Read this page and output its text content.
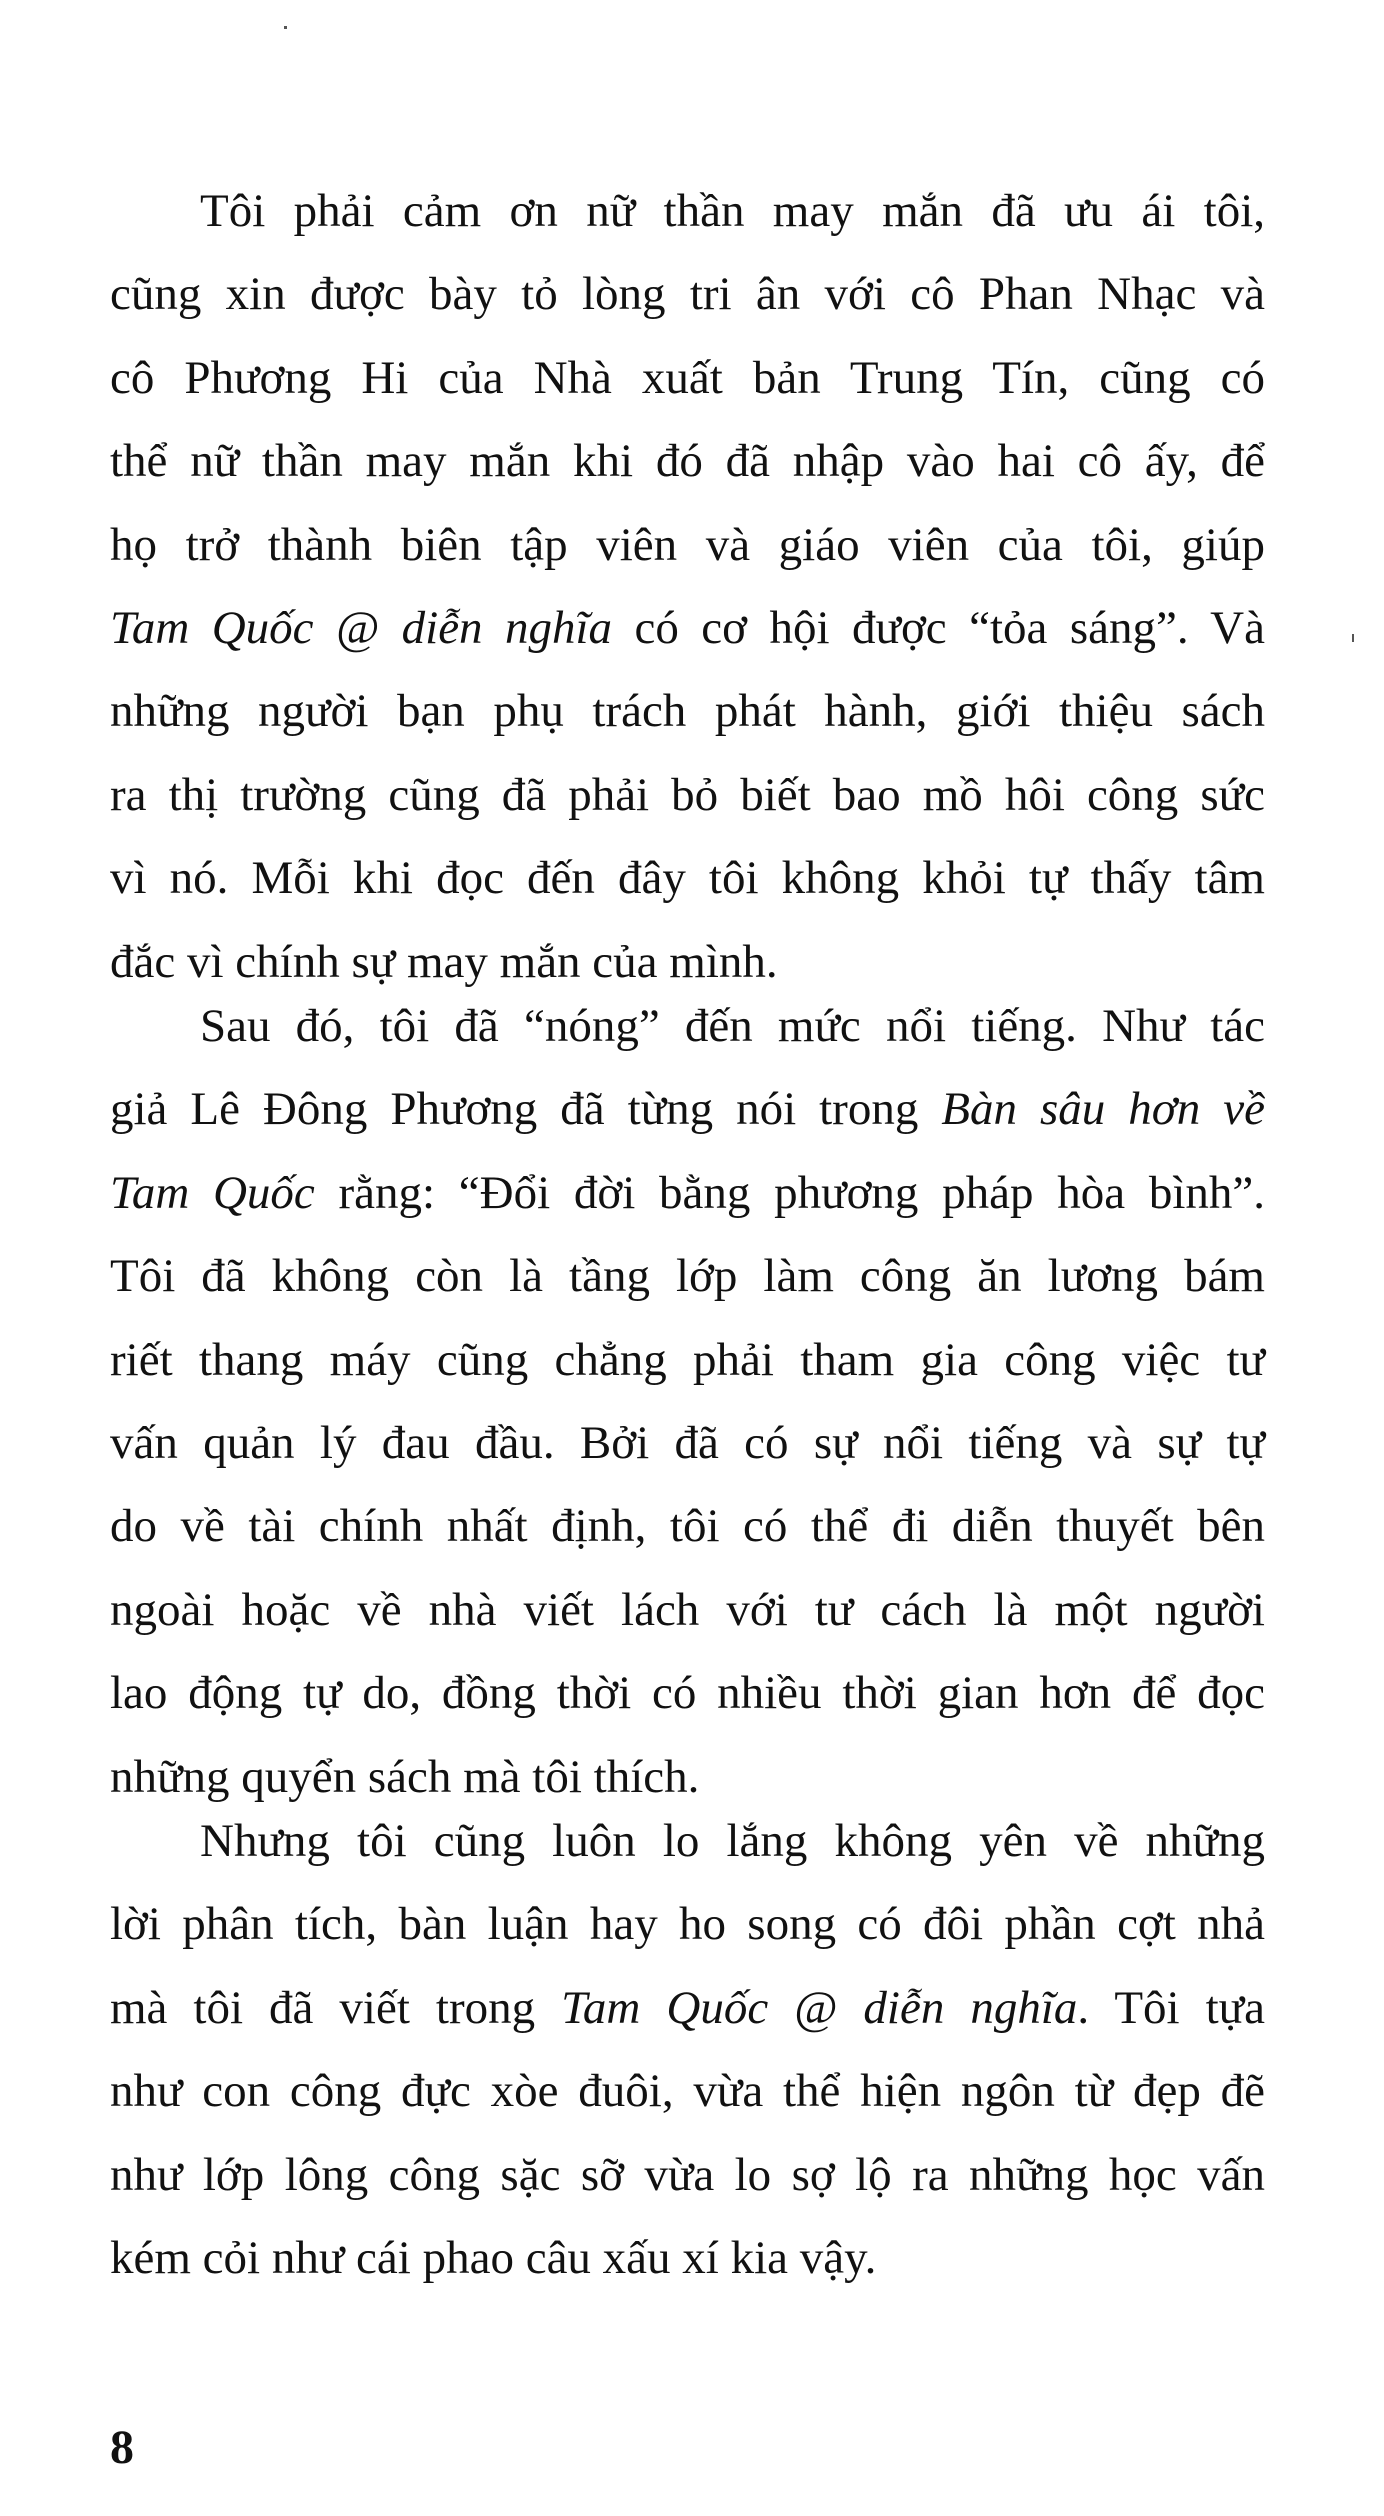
Tôi phải cảm ơn nữ thần may mắn đã ưu ái tôi,
cũng xin được bày tỏ lòng tri ân với cô Phan Nhạc và
cô Phương Hi của Nhà xuất bản Trung Tín, cũng có
thể nữ thần may mắn khi đó đã nhập vào hai cô ấy, để
họ trở thành biên tập viên và giáo viên của tôi, giúp
Tam Quốc @ diễn nghĩa có cơ hội được “tỏa sáng”. Và
những người bạn phụ trách phát hành, giới thiệu sách
ra thị trường cũng đã phải bỏ biết bao mồ hôi công sức
vì nó. Mỗi khi đọc đến đây tôi không khỏi tự thấy tâm
đắc vì chính sự may mắn của mình.
Sau đó, tôi đã “nóng” đến mức nổi tiếng. Như tác
giả Lê Đông Phương đã từng nói trong Bàn sâu hơn về
Tam Quốc rằng: “Đổi đời bằng phương pháp hòa bình”.
Tôi đã không còn là tầng lớp làm công ăn lương bám
riết thang máy cũng chẳng phải tham gia công việc tư
vấn quản lý đau đầu. Bởi đã có sự nổi tiếng và sự tự
do về tài chính nhất định, tôi có thể đi diễn thuyết bên
ngoài hoặc về nhà viết lách với tư cách là một người
lao động tự do, đồng thời có nhiều thời gian hơn để đọc
những quyển sách mà tôi thích.
Nhưng tôi cũng luôn lo lắng không yên về những
lời phân tích, bàn luận hay ho song có đôi phần cợt nhả
mà tôi đã viết trong Tam Quốc @ diễn nghĩa. Tôi tựa
như con công đực xòe đuôi, vừa thể hiện ngôn từ đẹp đẽ
như lớp lông công sặc sỡ vừa lo sợ lộ ra những học vấn
kém cỏi như cái phao câu xấu xí kia vậy.
8
